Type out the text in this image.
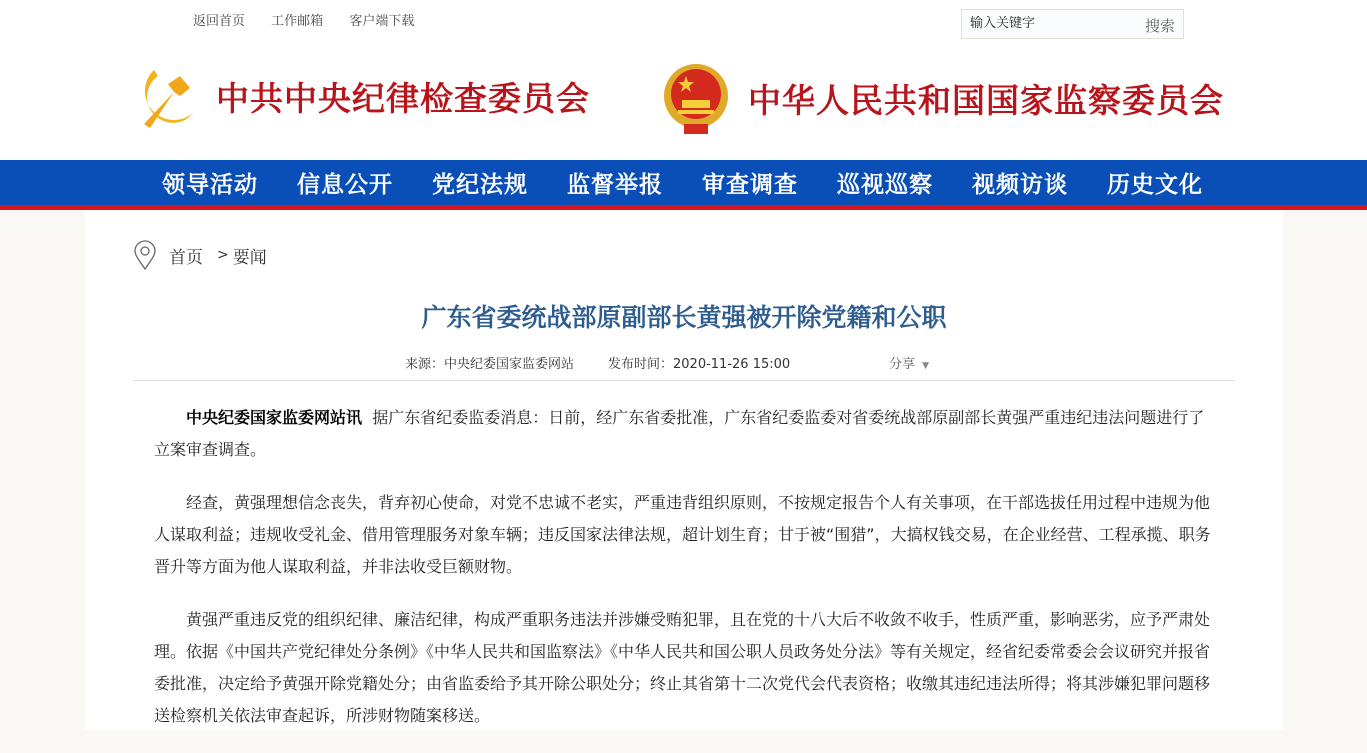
返回首页 工作邮箱 客户端下载
输入关键字	搜索
中共中央纪律检查委员会	中华人民共和国国家监察委员会
领导活动 信息公开 党纪法规 监督举报 审查调查 巡视巡察 视频访谈 历史文化
首页 > 要闻
广东省委统战部原副部长黄强被开除党籍和公职
来源：中央纪委国家监委网站	发布时间：2020-11-26 15:00	分享 ▼

中央纪委国家监委网站讯 据广东省纪委监委消息：日前，经广东省委批准，广东省纪委监委对省委统战部原副部长黄强严重违纪违法问题进行了立案审查调查。

经查，黄强理想信念丧失，背弃初心使命，对党不忠诚不老实，严重违背组织原则，不按规定报告个人有关事项，在干部选拔任用过程中违规为他人谋取利益；违规收受礼金、借用管理服务对象车辆；违反国家法律法规，超计划生育；甘于被“围猎”，大搞权钱交易，在企业经营、工程承揽、职务晋升等方面为他人谋取利益，并非法收受巨额财物。

黄强严重违反党的组织纪律、廉洁纪律，构成严重职务违法并涉嫌受贿犯罪，且在党的十八大后不收敛不收手，性质严重，影响恶劣，应予严肃处理。依据《中国共产党纪律处分条例》《中华人民共和国监察法》《中华人民共和国公职人员政务处分法》等有关规定，经省纪委常委会会议研究并报省委批准，决定给予黄强开除党籍处分；由省监委给予其开除公职处分；终止其省第十二次党代会代表资格；收缴其违纪违法所得；将其涉嫌犯罪问题移送检察机关依法审查起诉，所涉财物随案移送。
